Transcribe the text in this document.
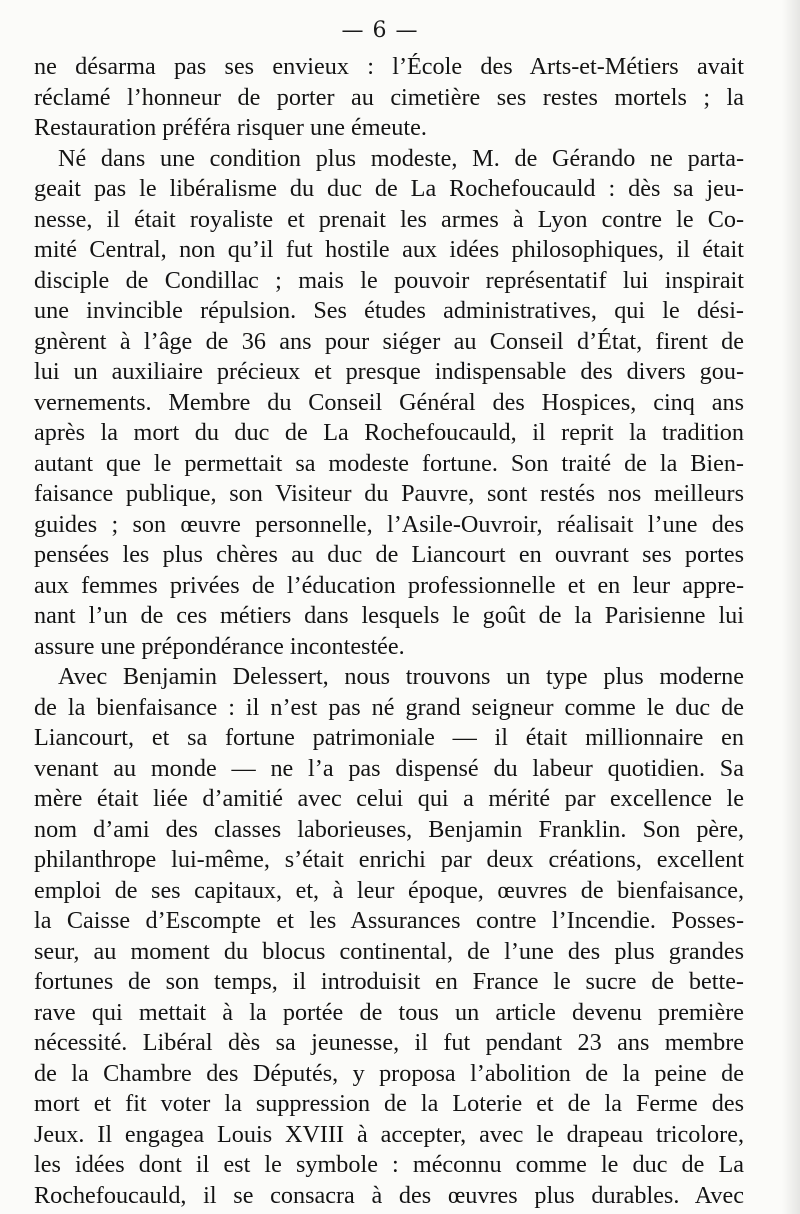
— 6 —
ne désarma pas ses envieux : l’École des Arts-et-Métiers avait
réclamé l’honneur de porter au cimetière ses restes mortels ; la
Restauration préféra risquer une émeute.
Né dans une condition plus modeste, M. de Gérando ne parta-
geait pas le libéralisme du duc de La Rochefoucauld : dès sa jeu-
nesse, il était royaliste et prenait les armes à Lyon contre le Co-
mité Central, non qu’il fut hostile aux idées philosophiques, il était
disciple de Condillac ; mais le pouvoir représentatif lui inspirait
une invincible répulsion. Ses études administratives, qui le dési-
gnèrent à l’âge de 36 ans pour siéger au Conseil d’État, firent de
lui un auxiliaire précieux et presque indispensable des divers gou-
vernements. Membre du Conseil Général des Hospices, cinq ans
après la mort du duc de La Rochefoucauld, il reprit la tradition
autant que le permettait sa modeste fortune. Son traité de la Bien-
faisance publique, son Visiteur du Pauvre, sont restés nos meilleurs
guides ; son œuvre personnelle, l’Asile-Ouvroir, réalisait l’une des
pensées les plus chères au duc de Liancourt en ouvrant ses portes
aux femmes privées de l’éducation professionnelle et en leur appre-
nant l’un de ces métiers dans lesquels le goût de la Parisienne lui
assure une prépondérance incontestée.
Avec Benjamin Delessert, nous trouvons un type plus moderne
de la bienfaisance : il n’est pas né grand seigneur comme le duc de
Liancourt, et sa fortune patrimoniale — il était millionnaire en
venant au monde — ne l’a pas dispensé du labeur quotidien. Sa
mère était liée d’amitié avec celui qui a mérité par excellence le
nom d’ami des classes laborieuses, Benjamin Franklin. Son père,
philanthrope lui-même, s’était enrichi par deux créations, excellent
emploi de ses capitaux, et, à leur époque, œuvres de bienfaisance,
la Caisse d’Escompte et les Assurances contre l’Incendie. Posses-
seur, au moment du blocus continental, de l’une des plus grandes
fortunes de son temps, il introduisit en France le sucre de bette-
rave qui mettait à la portée de tous un article devenu première
nécessité. Libéral dès sa jeunesse, il fut pendant 23 ans membre
de la Chambre des Députés, y proposa l’abolition de la peine de
mort et fit voter la suppression de la Loterie et de la Ferme des
Jeux. Il engagea Louis XVIII à accepter, avec le drapeau tricolore,
les idées dont il est le symbole : méconnu comme le duc de La
Rochefoucauld, il se consacra à des œuvres plus durables. Avec
